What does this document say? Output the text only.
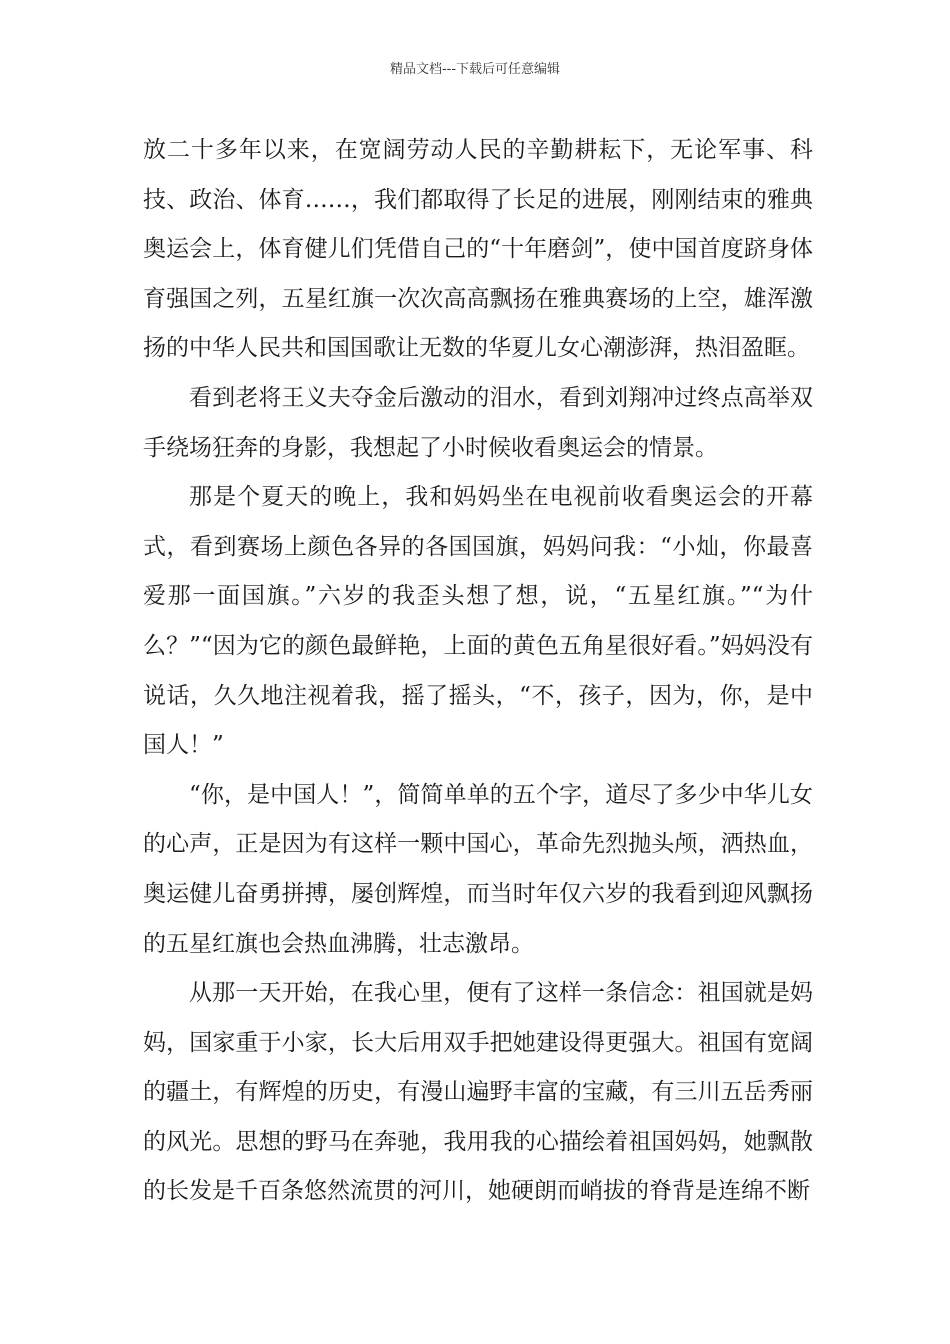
精品文档---下载后可任意编辑

放二十多年以来，在宽阔劳动人民的辛勤耕耘下，无论军事、科技、政治、体育……，我们都取得了长足的进展，刚刚结束的雅典奥运会上，体育健儿们凭借自己的“十年磨剑”，使中国首度跻身体育强国之列，五星红旗一次次高高飘扬在雅典赛场的上空，雄浑激扬的中华人民共和国国歌让无数的华夏儿女心潮澎湃，热泪盈眶。

看到老将王义夫夺金后激动的泪水，看到刘翔冲过终点高举双手绕场狂奔的身影，我想起了小时候收看奥运会的情景。

那是个夏天的晚上，我和妈妈坐在电视前收看奥运会的开幕式，看到赛场上颜色各异的各国国旗，妈妈问我：“小灿，你最喜爱那一面国旗。”六岁的我歪头想了想，说，“五星红旗。”“为什么？”“因为它的颜色最鲜艳，上面的黄色五角星很好看。”妈妈没有说话，久久地注视着我，摇了摇头，“不，孩子，因为，你，是中国人！”

“你，是中国人！”，简简单单的五个字，道尽了多少中华儿女的心声，正是因为有这样一颗中国心，革命先烈抛头颅，洒热血，奥运健儿奋勇拼搏，屡创辉煌，而当时年仅六岁的我看到迎风飘扬的五星红旗也会热血沸腾，壮志激昂。

从那一天开始，在我心里，便有了这样一条信念：祖国就是妈妈，国家重于小家，长大后用双手把她建设得更强大。祖国有宽阔的疆土，有辉煌的历史，有漫山遍野丰富的宝藏，有三川五岳秀丽的风光。思想的野马在奔驰，我用我的心描绘着祖国妈妈，她飘散的长发是千百条悠然流贯的河川，她硬朗而峭拔的脊背是连绵不断
